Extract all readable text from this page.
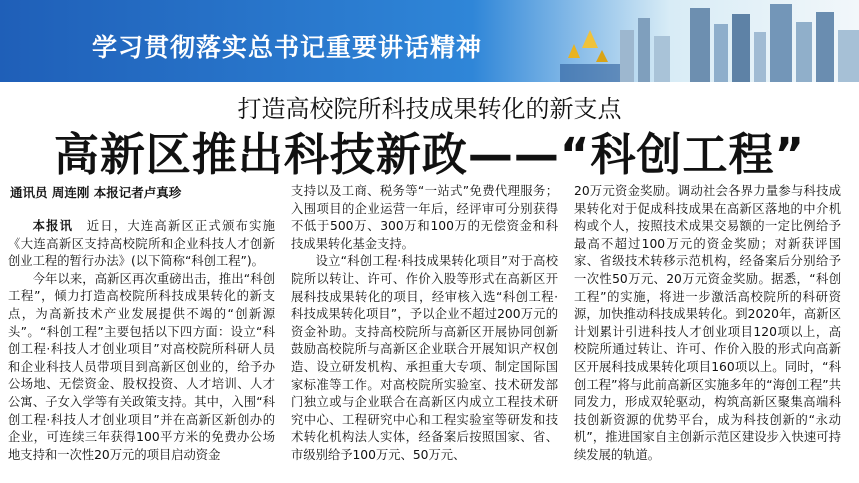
学习贯彻落实总书记重要讲话精神
打造高校院所科技成果转化的新支点
高新区推出科技新政——“科创工程”
通讯员 周连刚 本报记者卢真珍

本报讯　 近日，大连高新区正式颁布实施《大连高新区支持高校院所和企业科技人才创新创业工程的暂行办法》(以下简称“科创工程”)。

今年以来，高新区再次重磅出击，推出“科创工程”，倾力打造高校院所科技成果转化的新支点，为高新技术产业发展提供不竭的“创新源头”。“科创工程”主要包括以下四方面：设立“科创工程·科技人才创业项目”对高校院所科研人员和企业科技人员带项目到高新区创业的，给予办公场地、无偿资金、股权投资、人才培训、人才公寓、子女入学等有关政策支持。其中，入围“科创工程·科技人才创业项目”并在高新区新创办的企业，可连续三年获得100平方米的免费办公场地支持和一次性20万元的项目启动资金

支持以及工商、税务等“一站式”免费代理服务；入围项目的企业运营一年后，经评审可分别获得不低于500万、300万和100万的无偿资金和科技成果转化基金支持。

设立“科创工程·科技成果转化项目”对于高校院所以转让、许可、作价入股等形式在高新区开展科技成果转化的项目，经审核入选“科创工程·科技成果转化项目”，予以企业不超过200万元的资金补助。支持高校院所与高新区开展协同创新鼓励高校院所与高新区企业联合开展知识产权创造、设立研发机构、承担重大专项、制定国际国家标准等工作。对高校院所实验室、技术研发部门独立或与企业联合在高新区内成立工程技术研究中心、工程研究中心和工程实验室等研发和技术转化机构法人实体，经备案后按照国家、省、市级别给予100万元、50万元、

20万元资金奖励。调动社会各界力量参与科技成果转化对于促成科技成果在高新区落地的中介机构或个人，按照技术成果交易额的一定比例给予最高不超过100万元的资金奖励；对新获评国家、省级技术转移示范机构，经备案后分别给予一次性50万元、20万元资金奖励。据悉，“科创工程”的实施，将进一步激活高校院所的科研资源，加快推动科技成果转化。到2020年，高新区计划累计引进科技人才创业项目120项以上，高校院所通过转让、许可、作价入股的形式向高新区开展科技成果转化项目160项以上。同时，“科创工程”将与此前高新区实施多年的“海创工程”共同发力，形成双轮驱动，构筑高新区聚集高端科技创新资源的优势平台，成为科技创新的“永动机”，推进国家自主创新示范区建设步入快速可持续发展的轨道。
